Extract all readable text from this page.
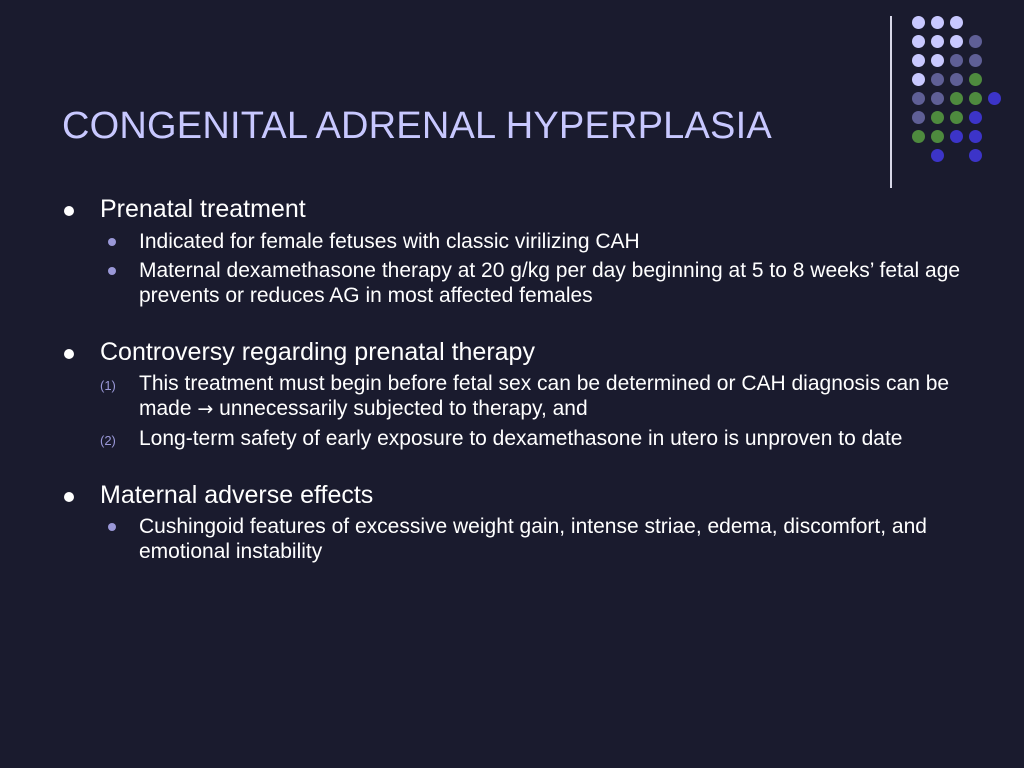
CONGENITAL ADRENAL HYPERPLASIA
Prenatal treatment
Indicated for female fetuses with classic virilizing CAH
Maternal dexamethasone therapy at 20 g/kg per day beginning at 5 to 8 weeks’ fetal age prevents or reduces AG in most affected females
Controversy regarding prenatal therapy
(1) This treatment must begin before fetal sex can be determined or CAH diagnosis can be made → unnecessarily subjected to therapy, and
(2) Long-term safety of early exposure to dexamethasone in utero is unproven to date
Maternal adverse effects
Cushingoid features of excessive weight gain, intense striae, edema, discomfort, and emotional instability
